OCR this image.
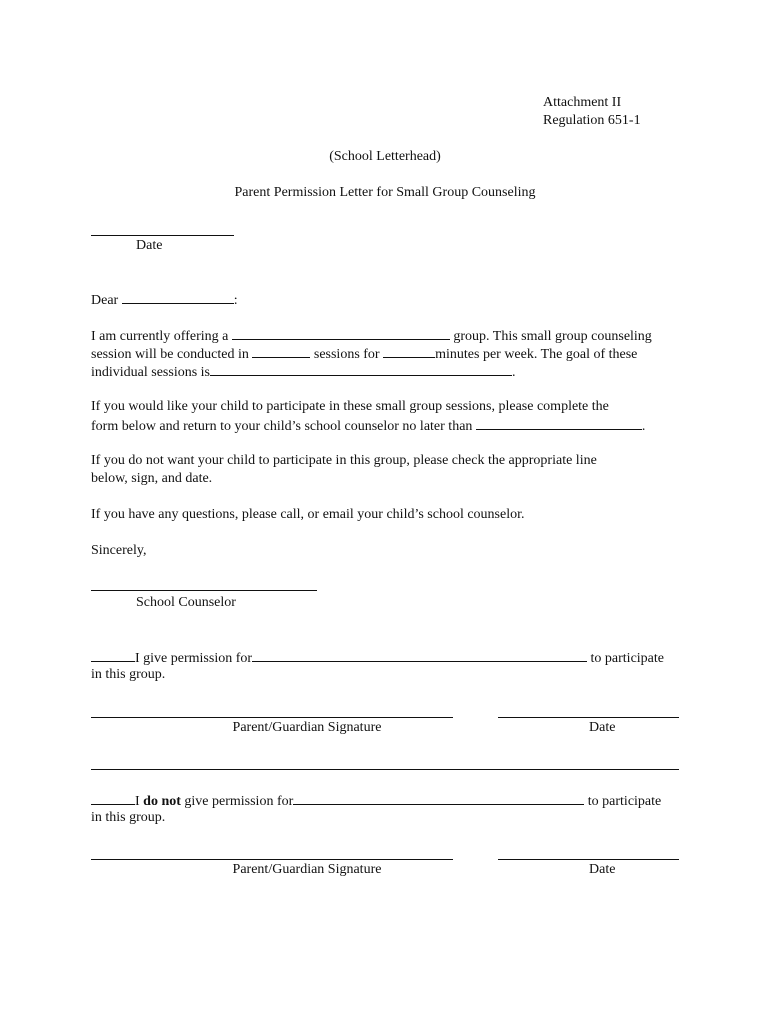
Attachment II
Regulation 651-1
(School Letterhead)
Parent Permission Letter for Small Group Counseling
Date
Dear	:
I am currently offering a	group. This small group counseling
session will be conducted in	sessions for	minutes per week. The goal of these
individual sessions is	.
If you would like your child to participate in these small group sessions, please complete the
form below and return to your child’s school counselor no later than	.
If you do not want your child to participate in this group, please check the appropriate line
below, sign, and date.
If you have any questions, please call, or email your child’s school counselor.
Sincerely,
School Counselor
I give permission for	to participate
in this group.
Parent/Guardian Signature	Date
I do not give permission for	to participate
in this group.
Parent/Guardian Signature	Date
